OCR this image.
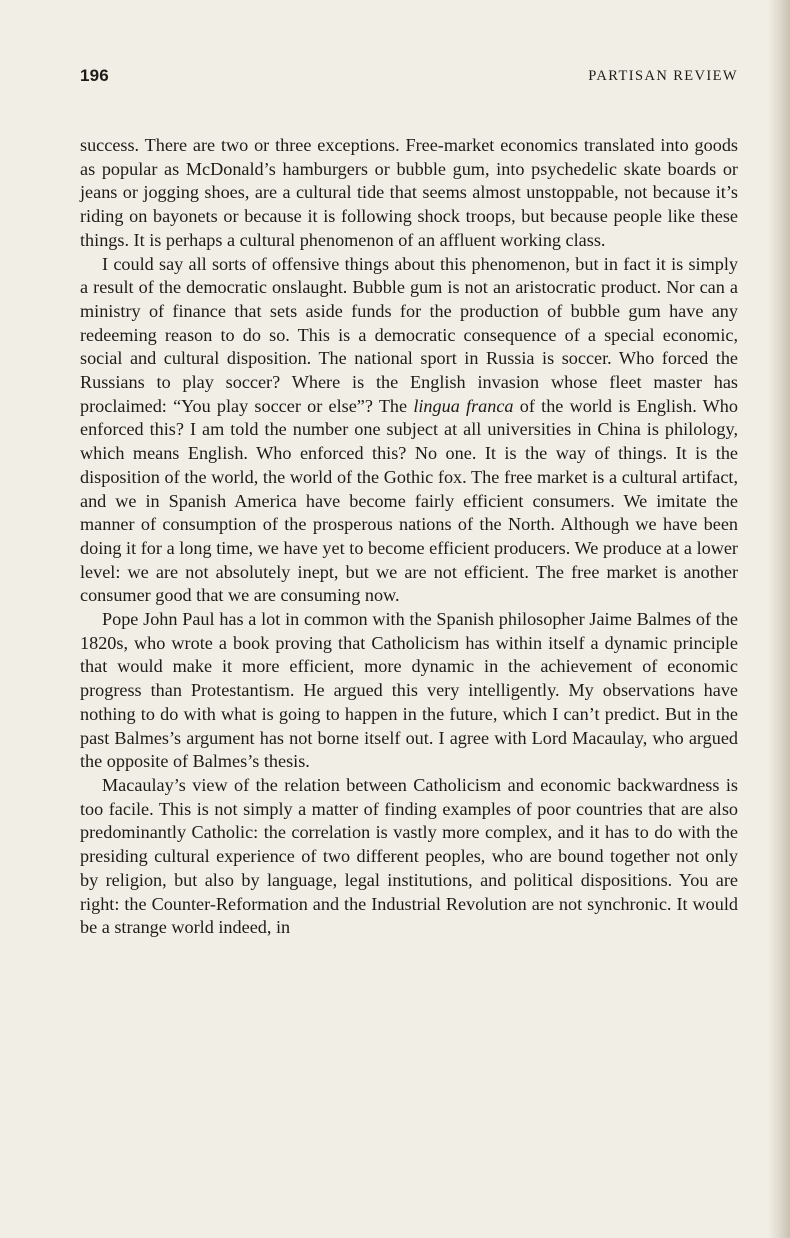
196	PARTISAN REVIEW

success. There are two or three exceptions. Free-market economics translated into goods as popular as McDonald’s hamburgers or bubble gum, into psychedelic skate boards or jeans or jogging shoes, are a cultural tide that seems almost unstoppable, not because it’s riding on bayonets or because it is following shock troops, but because people like these things. It is perhaps a cultural phenomenon of an affluent working class.

I could say all sorts of offensive things about this phenomenon, but in fact it is simply a result of the democratic onslaught. Bubble gum is not an aristocratic product. Nor can a ministry of finance that sets aside funds for the production of bubble gum have any redeeming reason to do so. This is a democratic consequence of a special economic, social and cultural disposition. The national sport in Russia is soccer. Who forced the Russians to play soccer? Where is the English invasion whose fleet master has proclaimed: “You play soccer or else”? The lingua franca of the world is English. Who enforced this? I am told the number one subject at all universities in China is philology, which means English. Who enforced this? No one. It is the way of things. It is the disposition of the world, the world of the Gothic fox. The free market is a cultural artifact, and we in Spanish America have become fairly efficient consumers. We imitate the manner of consumption of the prosperous nations of the North. Although we have been doing it for a long time, we have yet to become efficient producers. We produce at a lower level: we are not absolutely inept, but we are not efficient. The free market is another consumer good that we are consuming now.

Pope John Paul has a lot in common with the Spanish philosopher Jaime Balmes of the 1820s, who wrote a book proving that Catholicism has within itself a dynamic principle that would make it more efficient, more dynamic in the achievement of economic progress than Protestantism. He argued this very intelligently. My observations have nothing to do with what is going to happen in the future, which I can’t predict. But in the past Balmes’s argument has not borne itself out. I agree with Lord Macaulay, who argued the opposite of Balmes’s thesis.

Macaulay’s view of the relation between Catholicism and economic backwardness is too facile. This is not simply a matter of finding examples of poor countries that are also predominantly Catholic: the correlation is vastly more complex, and it has to do with the presiding cultural experience of two different peoples, who are bound together not only by religion, but also by language, legal institutions, and political dispositions. You are right: the Counter-Reformation and the Industrial Revolution are not synchronic. It would be a strange world indeed, in
